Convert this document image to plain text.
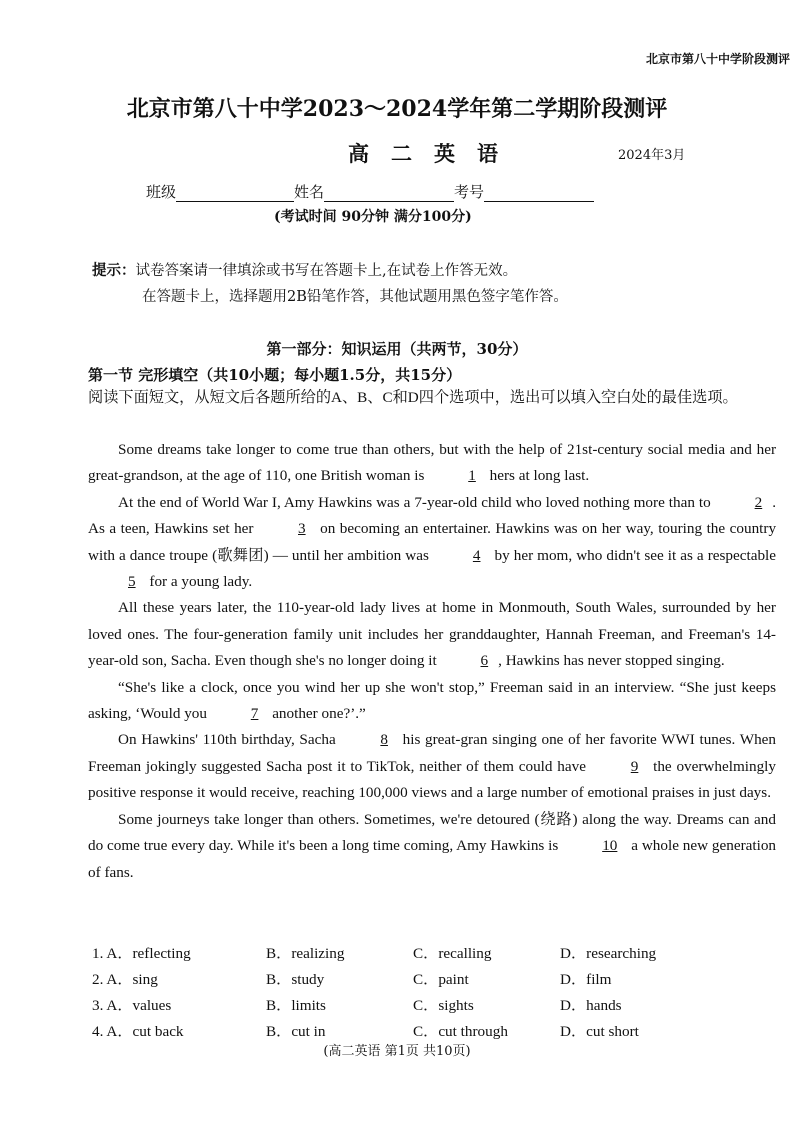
北京市第八十中学阶段测评
北京市第八十中学2023～2024学年第二学期阶段测评
高二英语	2024年3月
班级	姓名	考号
(考试时间 90分钟 满分100分)
提示：试卷答案请一律填涂或书写在答题卡上,在试卷上作答无效。
在答题卡上，选择题用2B铅笔作答，其他试题用黑色签字笔作答。
第一部分：知识运用（共两节，30分）
第一节 完形填空（共10小题；每小题1.5分，共15分）
阅读下面短文，从短文后各题所给的A、B、C和D四个选项中，选出可以填入空白处的最佳选项。
Some dreams take longer to come true than others, but with the help of 21st-century social media and her great-grandson, at the age of 110, one British woman is	1 hers at long last.
At the end of World War I, Amy Hawkins was a 7-year-old child who loved nothing more than to	2 . As a teen, Hawkins set her	3 on becoming an entertainer. Hawkins was on her way, touring the country with a dance troupe (歌舞团) — until her ambition was	4 by her mom, who didn't see it as a respectable 5 for a young lady.
All these years later, the 110-year-old lady lives at home in Monmouth, South Wales, surrounded by her loved ones. The four-generation family unit includes her granddaughter, Hannah Freeman, and Freeman's 14-year-old son, Sacha. Even though she's no longer doing it	6 , Hawkins has never stopped singing.
“She's like a clock, once you wind her up she won't stop,” Freeman said in an interview. “She just keeps asking, ‘Would you	7 another one?’.”
On Hawkins' 110th birthday, Sacha	8 his great-gran singing one of her favorite WWI tunes. When Freeman jokingly suggested Sacha post it to TikTok, neither of them could have	9 the overwhelmingly positive response it would receive, reaching 100,000 views and a large number of emotional praises in just days.
Some journeys take longer than others. Sometimes, we're detoured (绕路) along the way. Dreams can and do come true every day. While it's been a long time coming, Amy Hawkins is	10 a whole new generation of fans.
1. A．reflecting	B．realizing	C．recalling	D．researching
2. A．sing	B．study	C．paint	D．film
3. A．values	B．limits	C．sights	D．hands
4. A．cut back	B．cut in	C．cut through	D．cut short
(高二英语 第1页 共10页)
